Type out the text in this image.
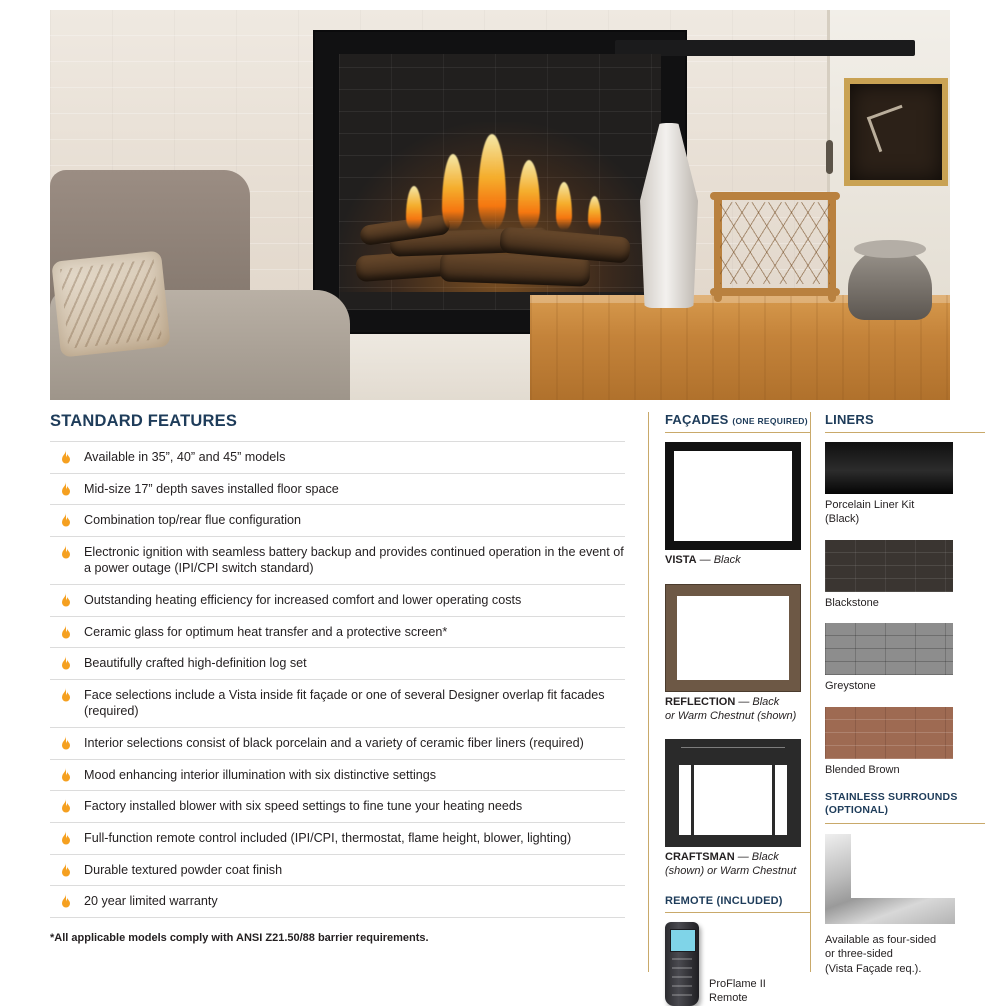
STANDARD FEATURES
Available in 35”, 40” and 45” models
Mid-size 17” depth saves installed floor space
Combination top/rear flue configuration
Electronic ignition with seamless battery backup and provides continued operation in the event of a power outage (IPI/CPI switch standard)
Outstanding heating efficiency for increased comfort and lower operating costs
Ceramic glass for optimum heat transfer and a protective screen*
Beautifully crafted high-definition log set
Face selections include a Vista inside fit façade or one of several Designer overlap fit facades (required)
Interior selections consist of black porcelain and a variety of ceramic fiber liners (required)
Mood enhancing interior illumination with six distinctive settings
Factory installed blower with six speed settings to fine tune your heating needs
Full-function remote control included (IPI/CPI, thermostat, flame height, blower, lighting)
Durable textured powder coat finish
20 year limited warranty
*All applicable models comply with ANSI Z21.50/88 barrier requirements.
FAÇADES (ONE REQUIRED)

VISTA — Black

REFLECTION — Black
or Warm Chestnut (shown)

CRAFTSMAN — Black
(shown) or Warm Chestnut

REMOTE (INCLUDED)
ProFlame II
Remote
LINERS

Porcelain Liner Kit
(Black)

Blackstone

Greystone

Blended Brown

STAINLESS SURROUNDS
(OPTIONAL)
Available as four-sided
or three-sided
(Vista Façade req.).
